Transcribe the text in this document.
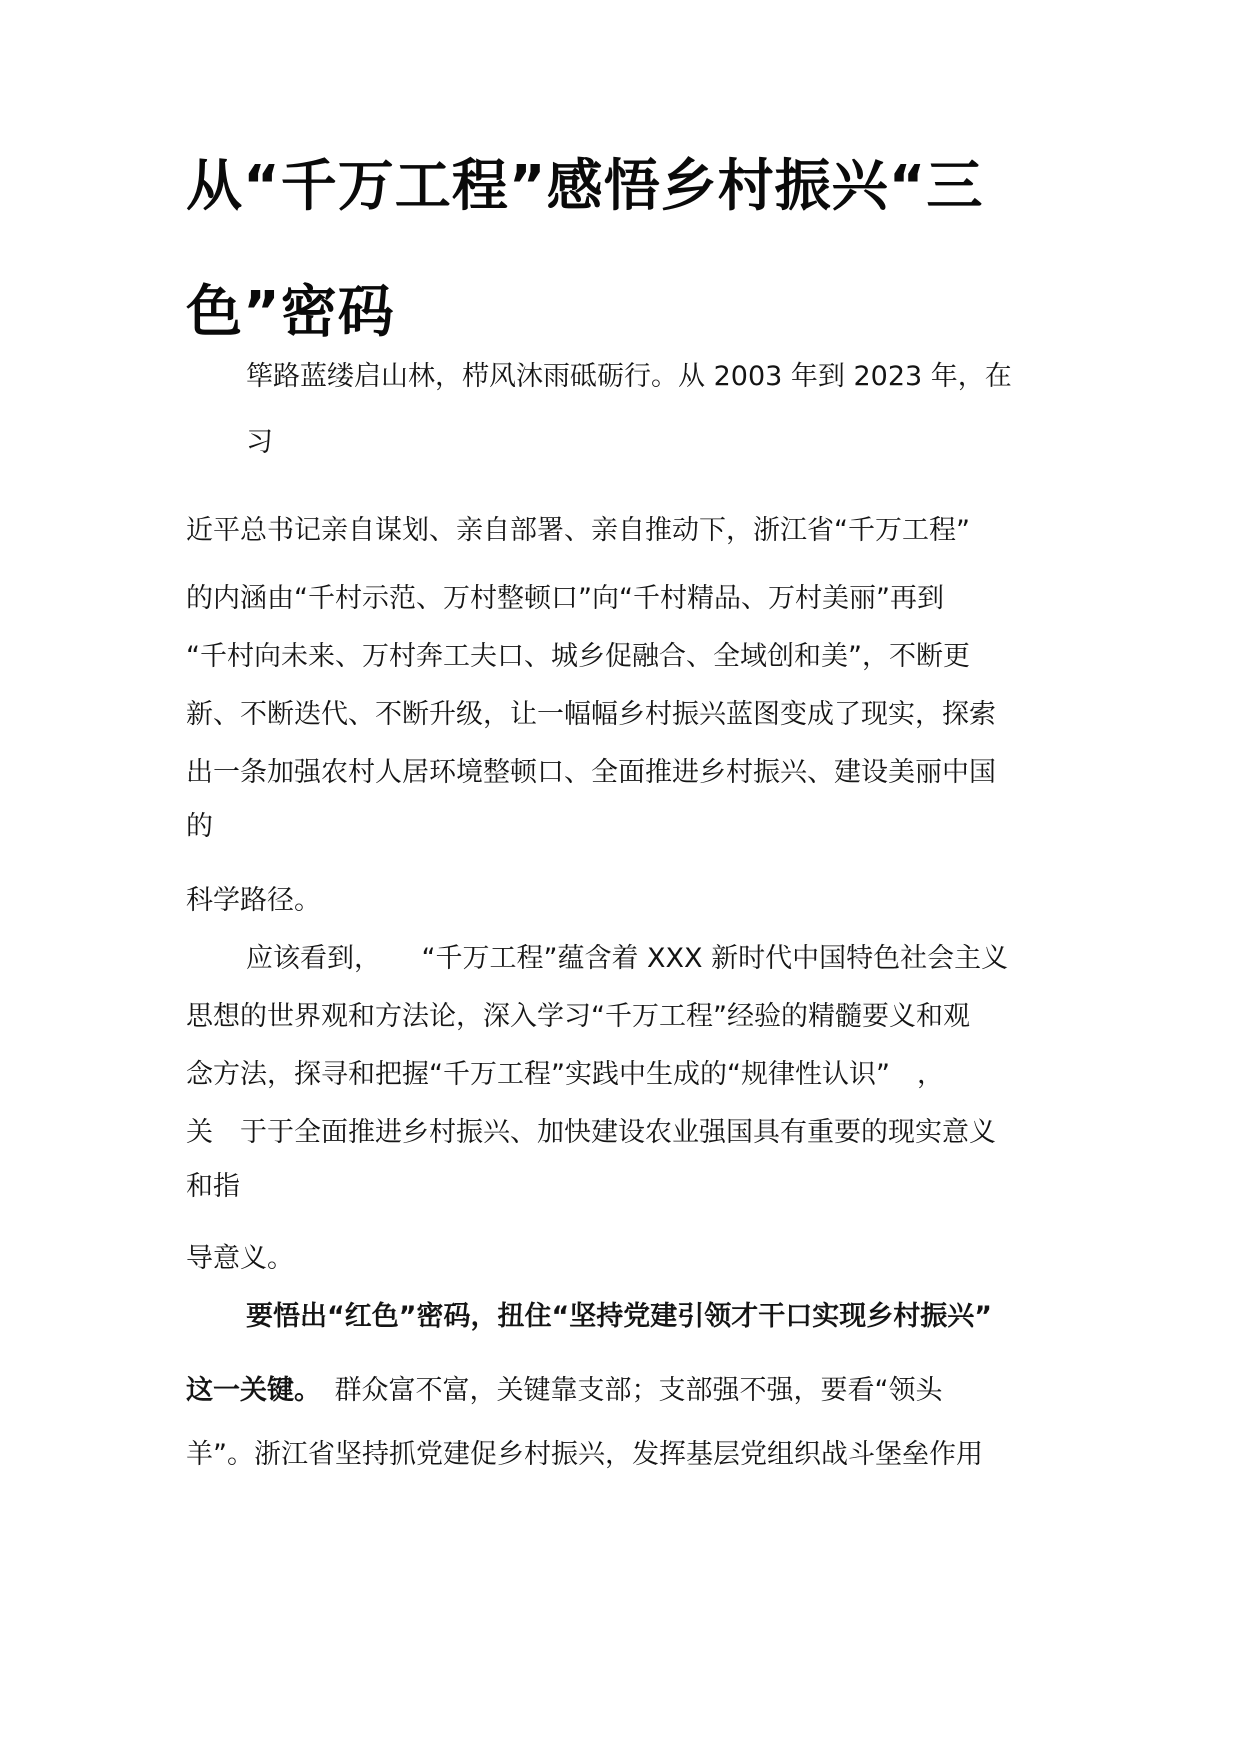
从“千万工程”感悟乡村振兴“三
色”密码
筚路蓝缕启山林，栉风沐雨砥砺行。从 2003 年到 2023 年，在
习
近平总书记亲自谋划、亲自部署、亲自推动下，浙江省“千万工程”
的内涵由“千村示范、万村整顿口”向“千村精品、万村美丽”再到
“千村向未来、万村奔工夫口、城乡促融合、全域创和美”，不断更
新、不断迭代、不断升级，让一幅幅乡村振兴蓝图变成了现实，探索
出一条加强农村人居环境整顿口、全面推进乡村振兴、建设美丽中国
的
科学路径。
应该看到，　　“千万工程”蕴含着 XXX 新时代中国特色社会主义
思想的世界观和方法论，深入学习“千万工程”经验的精髓要义和观
念方法，探寻和把握“千万工程”实践中生成的“规律性认识”　，
关　于于全面推进乡村振兴、加快建设农业强国具有重要的现实意义
和指
导意义。
要悟出“红色”密码，扭住“坚持党建引领才干口实现乡村振兴”
这一关键。　群众富不富，关键靠支部；支部强不强，要看“领头
羊”。浙江省坚持抓党建促乡村振兴，发挥基层党组织战斗堡垒作用
